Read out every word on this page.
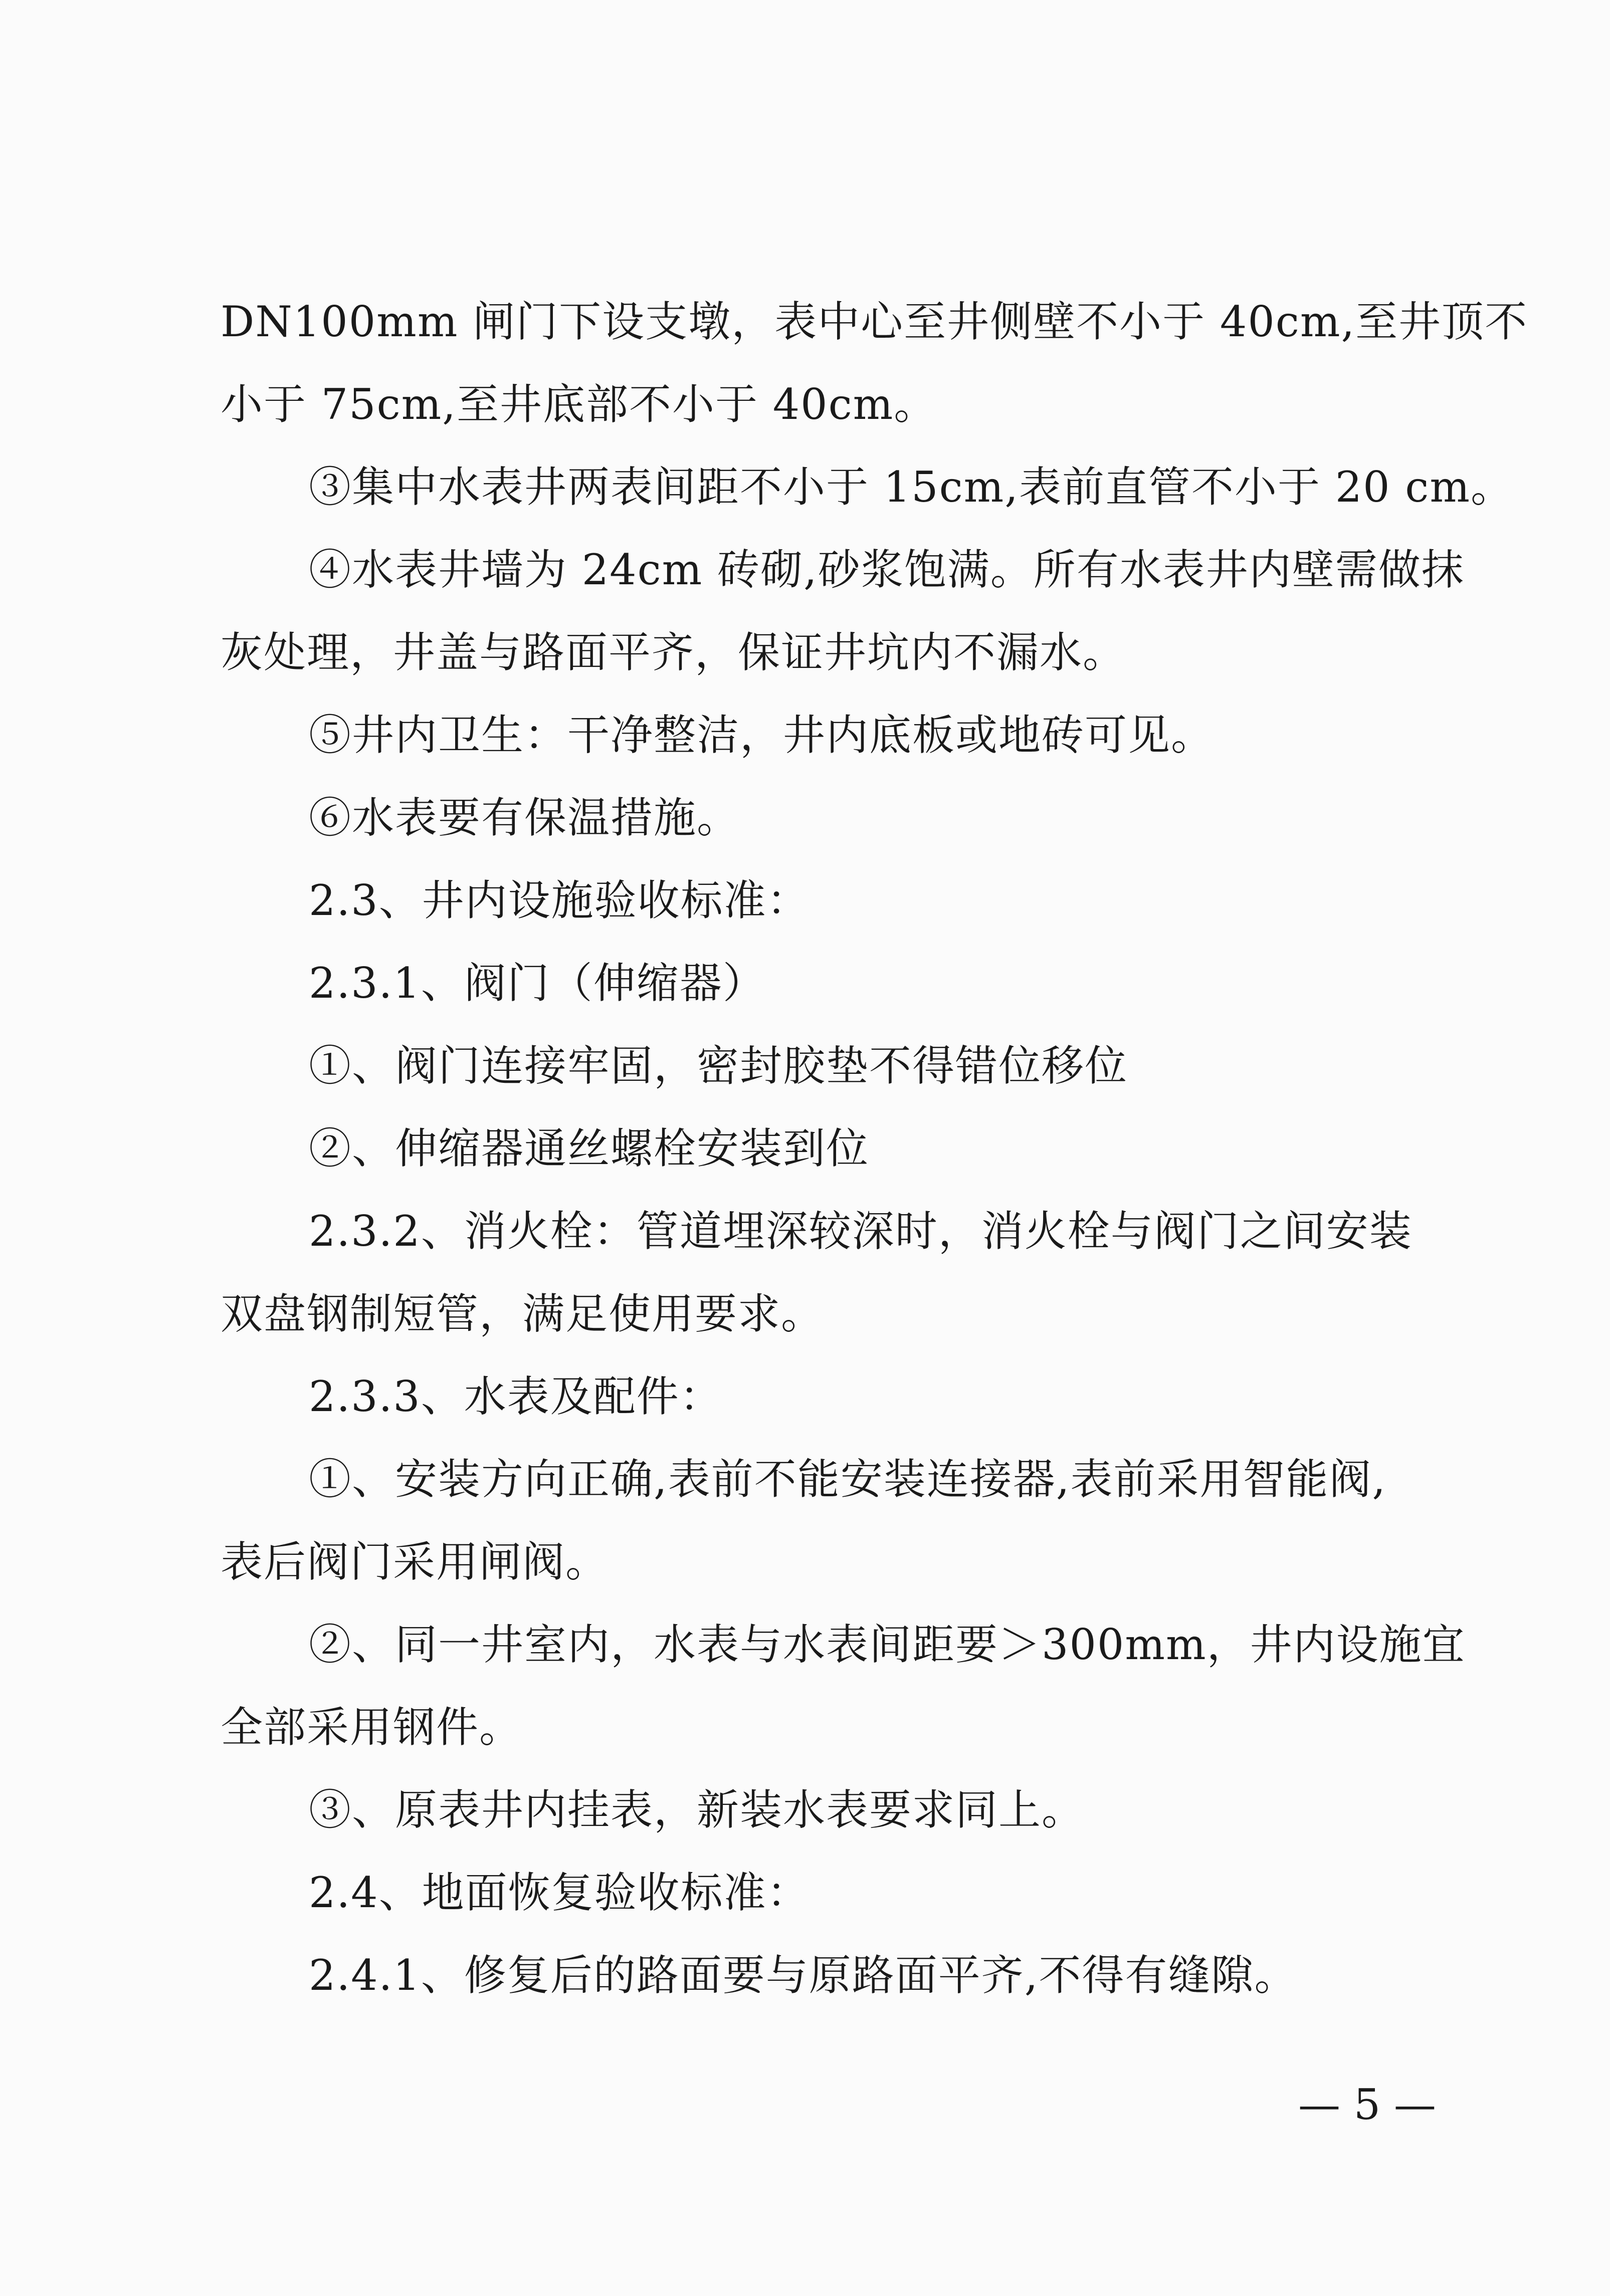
DN100mm 闸门下设支墩，表中心至井侧壁不小于 40cm,至井顶不
小于 75cm,至井底部不小于 40cm。
③集中水表井两表间距不小于 15cm,表前直管不小于 20 cm。
④水表井墙为 24cm 砖砌,砂浆饱满。所有水表井内壁需做抹
灰处理，井盖与路面平齐，保证井坑内不漏水。
⑤井内卫生：干净整洁，井内底板或地砖可见。
⑥水表要有保温措施。
2.3、井内设施验收标准：
2.3.1、阀门（伸缩器）
①、阀门连接牢固，密封胶垫不得错位移位
②、伸缩器通丝螺栓安装到位
2.3.2、消火栓：管道埋深较深时，消火栓与阀门之间安装
双盘钢制短管，满足使用要求。
2.3.3、水表及配件：
①、安装方向正确,表前不能安装连接器,表前采用智能阀,
表后阀门采用闸阀。
②、同一井室内，水表与水表间距要＞300mm，井内设施宜
全部采用钢件。
③、原表井内挂表，新装水表要求同上。
2.4、地面恢复验收标准：
2.4.1、修复后的路面要与原路面平齐,不得有缝隙。
— 5 —
